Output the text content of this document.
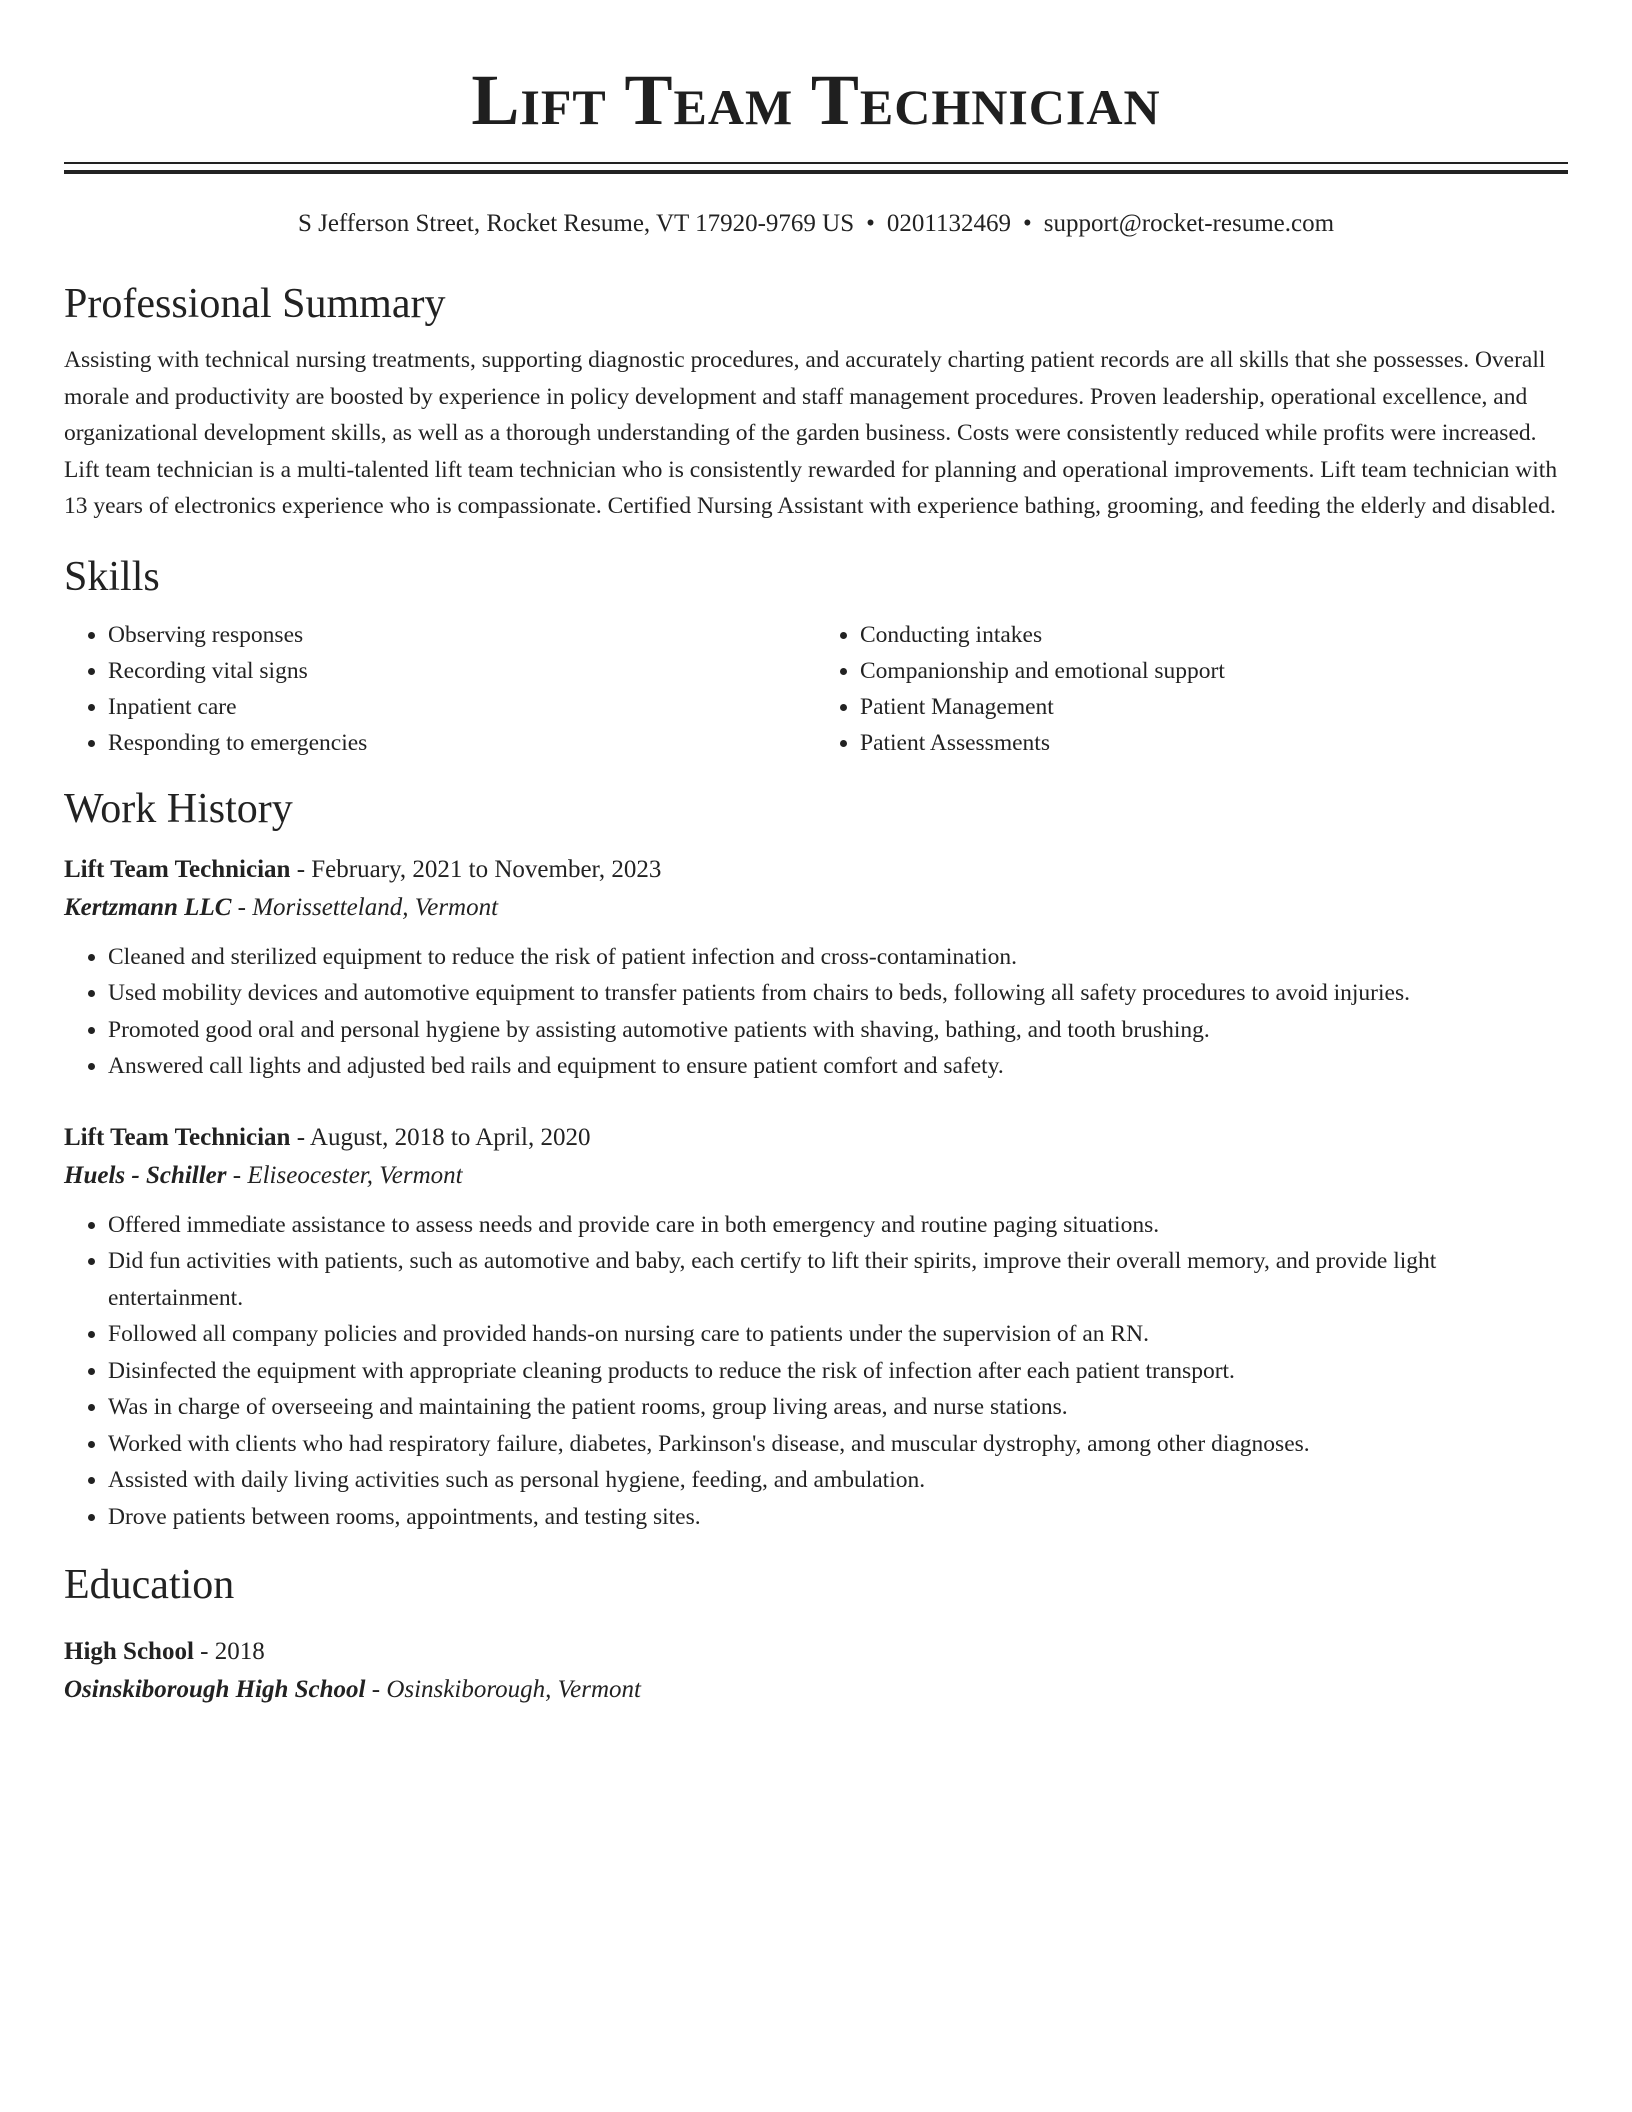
Lift Team Technician
S Jefferson Street, Rocket Resume, VT 17920-9769 US • 0201132469 • support@rocket-resume.com
Professional Summary
Assisting with technical nursing treatments, supporting diagnostic procedures, and accurately charting patient records are all skills that she possesses. Overall morale and productivity are boosted by experience in policy development and staff management procedures. Proven leadership, operational excellence, and organizational development skills, as well as a thorough understanding of the garden business. Costs were consistently reduced while profits were increased. Lift team technician is a multi-talented lift team technician who is consistently rewarded for planning and operational improvements. Lift team technician with 13 years of electronics experience who is compassionate. Certified Nursing Assistant with experience bathing, grooming, and feeding the elderly and disabled.
Skills
• Observing responses
• Recording vital signs
• Inpatient care
• Responding to emergencies
• Conducting intakes
• Companionship and emotional support
• Patient Management
• Patient Assessments
Work History
Lift Team Technician - February, 2021 to November, 2023
Kertzmann LLC - Morissetteland, Vermont
• Cleaned and sterilized equipment to reduce the risk of patient infection and cross-contamination.
• Used mobility devices and automotive equipment to transfer patients from chairs to beds, following all safety procedures to avoid injuries.
• Promoted good oral and personal hygiene by assisting automotive patients with shaving, bathing, and tooth brushing.
• Answered call lights and adjusted bed rails and equipment to ensure patient comfort and safety.
Lift Team Technician - August, 2018 to April, 2020
Huels - Schiller - Eliseocester, Vermont
• Offered immediate assistance to assess needs and provide care in both emergency and routine paging situations.
• Did fun activities with patients, such as automotive and baby, each certify to lift their spirits, improve their overall memory, and provide light entertainment.
• Followed all company policies and provided hands-on nursing care to patients under the supervision of an RN.
• Disinfected the equipment with appropriate cleaning products to reduce the risk of infection after each patient transport.
• Was in charge of overseeing and maintaining the patient rooms, group living areas, and nurse stations.
• Worked with clients who had respiratory failure, diabetes, Parkinson's disease, and muscular dystrophy, among other diagnoses.
• Assisted with daily living activities such as personal hygiene, feeding, and ambulation.
• Drove patients between rooms, appointments, and testing sites.
Education
High School - 2018
Osinskiborough High School - Osinskiborough, Vermont
